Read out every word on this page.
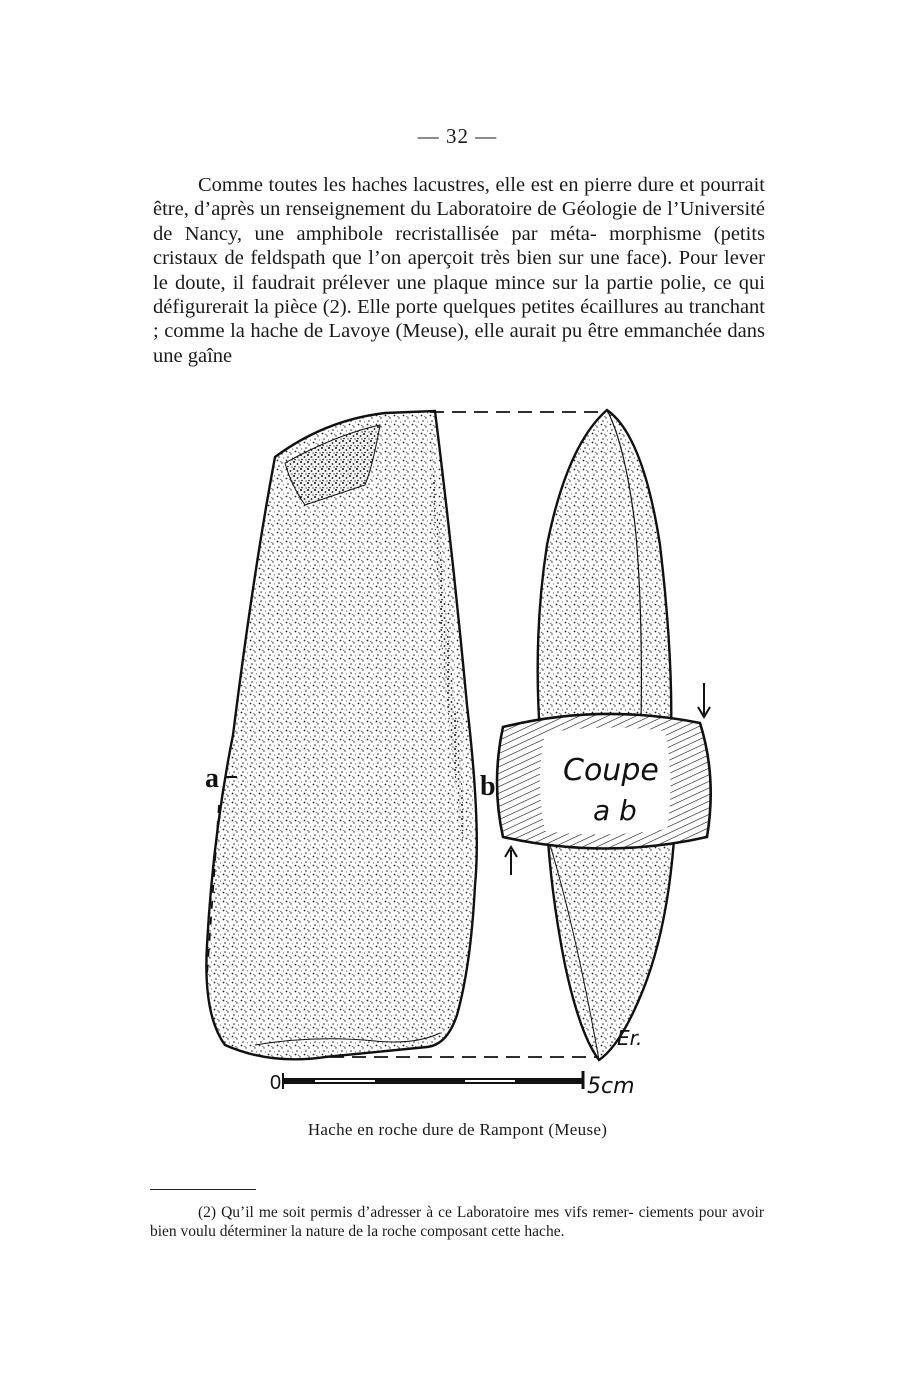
— 32 —

Comme toutes les haches lacustres, elle est en pierre dure et pourrait être, d’après un renseignement du Laboratoire de Géologie de l’Université de Nancy, une amphibole recristallisée par méta- morphisme (petits cristaux de feldspath que l’on aperçoit très bien sur une face). Pour lever le doute, il faudrait prélever une plaque mince sur la partie polie, ce qui défigurerait la pièce (2). Elle porte quelques petites écaillures au tranchant ; comme la hache de Lavoye (Meuse), elle aurait pu être emmanchée dans une gaîne

Coupe
a b
a	b
Er.
0	5cm
Hache en roche dure de Rampont (Meuse)

(2) Qu’il me soit permis d’adresser à ce Laboratoire mes vifs remer- ciements pour avoir bien voulu déterminer la nature de la roche composant cette hache.
